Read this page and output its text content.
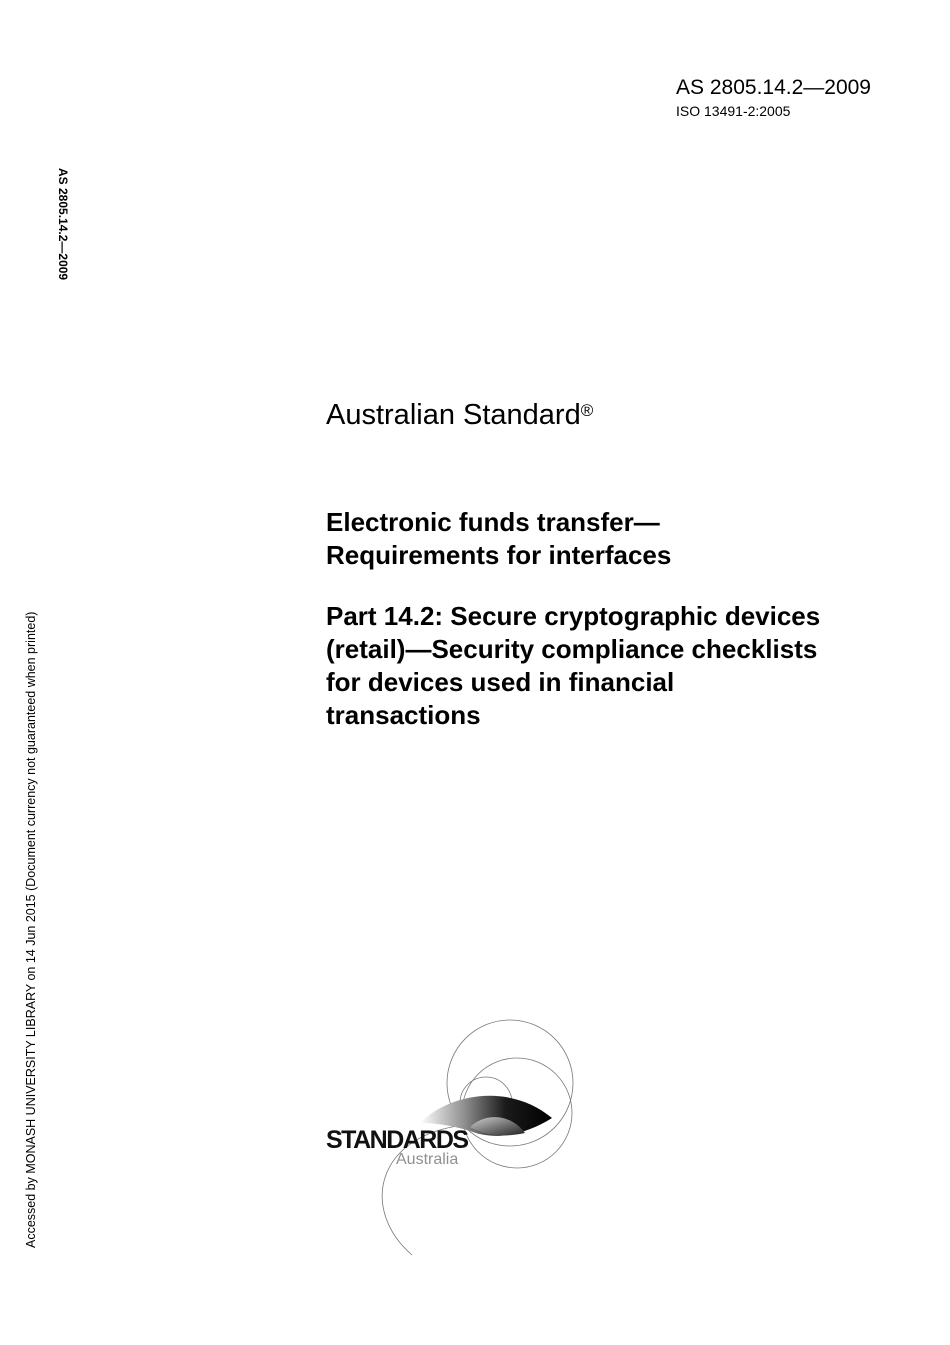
AS 2805.14.2—2009
ISO 13491-2:2005
AS 2805.14.2—2009
Accessed by MONASH UNIVERSITY LIBRARY on 14 Jun 2015 (Document currency not guaranteed when printed)
Australian Standard®
Electronic funds transfer—
Requirements for interfaces
Part 14.2: Secure cryptographic devices
(retail)—Security compliance checklists
for devices used in financial
transactions
STANDARDS
Australia
